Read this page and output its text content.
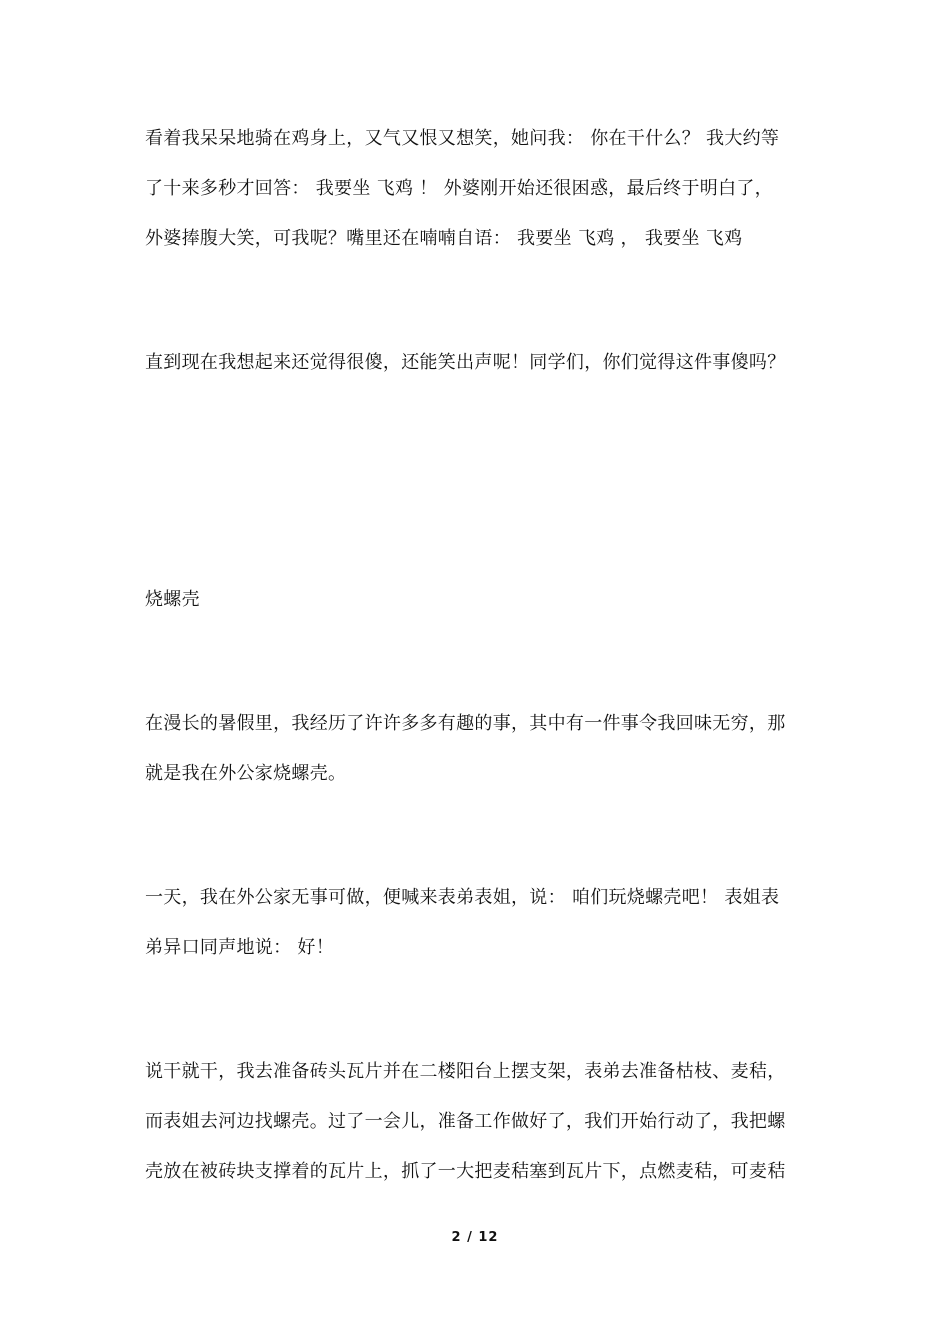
看着我呆呆地骑在鸡身上，又气又恨又想笑，她问我： 你在干什么？ 我大约等
了十来多秒才回答： 我要坐 飞鸡 ！ 外婆刚开始还很困惑，最后终于明白了，
外婆捧腹大笑，可我呢？嘴里还在喃喃自语： 我要坐 飞鸡 ， 我要坐 飞鸡
直到现在我想起来还觉得很傻，还能笑出声呢！同学们，你们觉得这件事傻吗？
烧螺壳
在漫长的暑假里，我经历了许许多多有趣的事，其中有一件事令我回味无穷，那
就是我在外公家烧螺壳。
一天，我在外公家无事可做，便喊来表弟表姐，说： 咱们玩烧螺壳吧！ 表姐表
弟异口同声地说： 好！
说干就干，我去准备砖头瓦片并在二楼阳台上摆支架，表弟去准备枯枝、麦秸，
而表姐去河边找螺壳。过了一会儿，准备工作做好了，我们开始行动了，我把螺
壳放在被砖块支撑着的瓦片上，抓了一大把麦秸塞到瓦片下，点燃麦秸，可麦秸
2 / 12
